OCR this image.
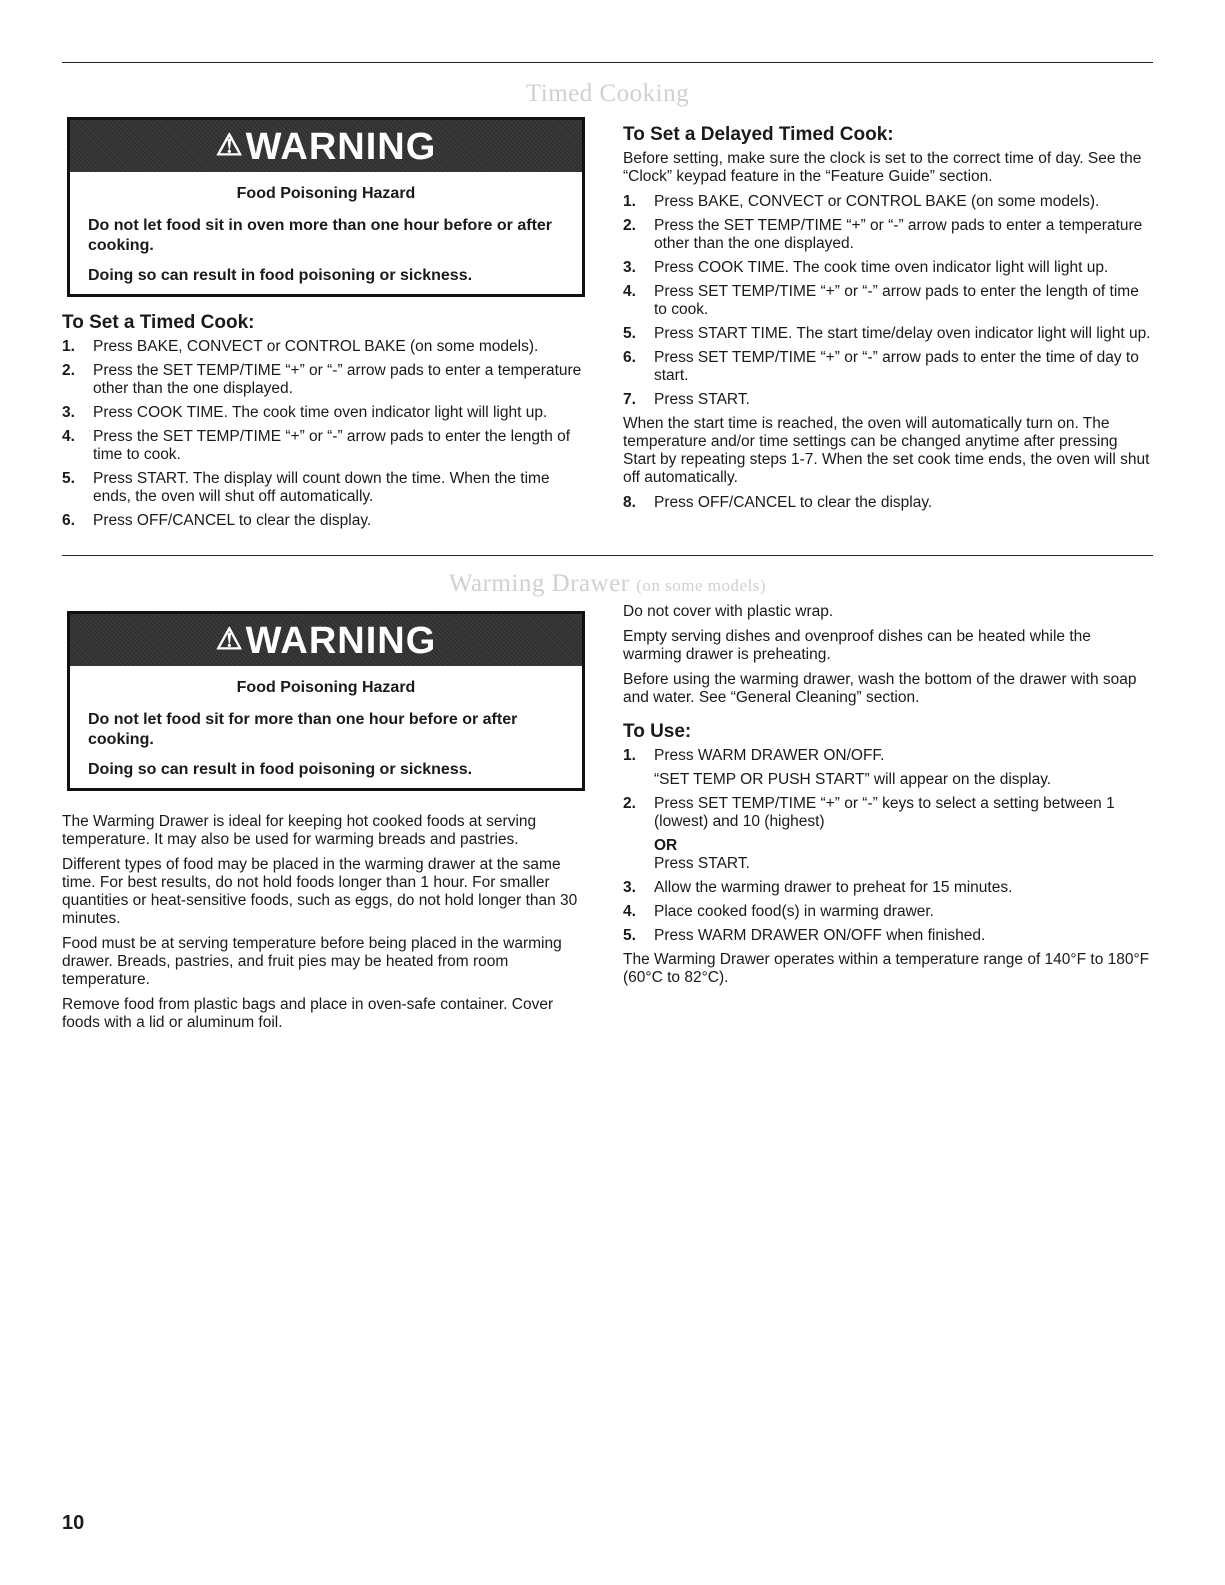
Timed Cooking
⚠WARNING
Food Poisoning Hazard

Do not let food sit in oven more than one hour before or after cooking.

Doing so can result in food poisoning or sickness.

To Set a Timed Cook:
1. Press BAKE, CONVECT or CONTROL BAKE (on some models).
2. Press the SET TEMP/TIME “+” or “-” arrow pads to enter a temperature other than the one displayed.
3. Press COOK TIME. The cook time oven indicator light will light up.
4. Press the SET TEMP/TIME “+” or “-” arrow pads to enter the length of time to cook.
5. Press START. The display will count down the time. When the time ends, the oven will shut off automatically.
6. Press OFF/CANCEL to clear the display.
To Set a Delayed Timed Cook:

Before setting, make sure the clock is set to the correct time of day. See the “Clock” keypad feature in the “Feature Guide” section.

1. Press BAKE, CONVECT or CONTROL BAKE (on some models).
2. Press the SET TEMP/TIME “+” or “-” arrow pads to enter a temperature other than the one displayed.
3. Press COOK TIME. The cook time oven indicator light will light up.
4. Press SET TEMP/TIME “+” or “-” arrow pads to enter the length of time to cook.
5. Press START TIME. The start time/delay oven indicator light will light up.
6. Press SET TEMP/TIME “+” or “-” arrow pads to enter the time of day to start.
7. Press START.

When the start time is reached, the oven will automatically turn on. The temperature and/or time settings can be changed anytime after pressing Start by repeating steps 1-7. When the set cook time ends, the oven will shut off automatically.

8. Press OFF/CANCEL to clear the display.
Warming Drawer (on some models)
⚠WARNING
Food Poisoning Hazard

Do not let food sit for more than one hour before or after cooking.

Doing so can result in food poisoning or sickness.

The Warming Drawer is ideal for keeping hot cooked foods at serving temperature. It may also be used for warming breads and pastries.

Different types of food may be placed in the warming drawer at the same time. For best results, do not hold foods longer than 1 hour. For smaller quantities or heat-sensitive foods, such as eggs, do not hold longer than 30 minutes.

Food must be at serving temperature before being placed in the warming drawer. Breads, pastries, and fruit pies may be heated from room temperature.

Remove food from plastic bags and place in oven-safe container. Cover foods with a lid or aluminum foil.

Do not cover with plastic wrap.

Empty serving dishes and ovenproof dishes can be heated while the warming drawer is preheating.

Before using the warming drawer, wash the bottom of the drawer with soap and water. See “General Cleaning” section.

To Use:
1. Press WARM DRAWER ON/OFF.
“SET TEMP OR PUSH START” will appear on the display.
2. Press SET TEMP/TIME “+” or “-” keys to select a setting between 1 (lowest) and 10 (highest)
OR
Press START.
3. Allow the warming drawer to preheat for 15 minutes.
4. Place cooked food(s) in warming drawer.
5. Press WARM DRAWER ON/OFF when finished.

The Warming Drawer operates within a temperature range of 140°F to 180°F (60°C to 82°C).

10
